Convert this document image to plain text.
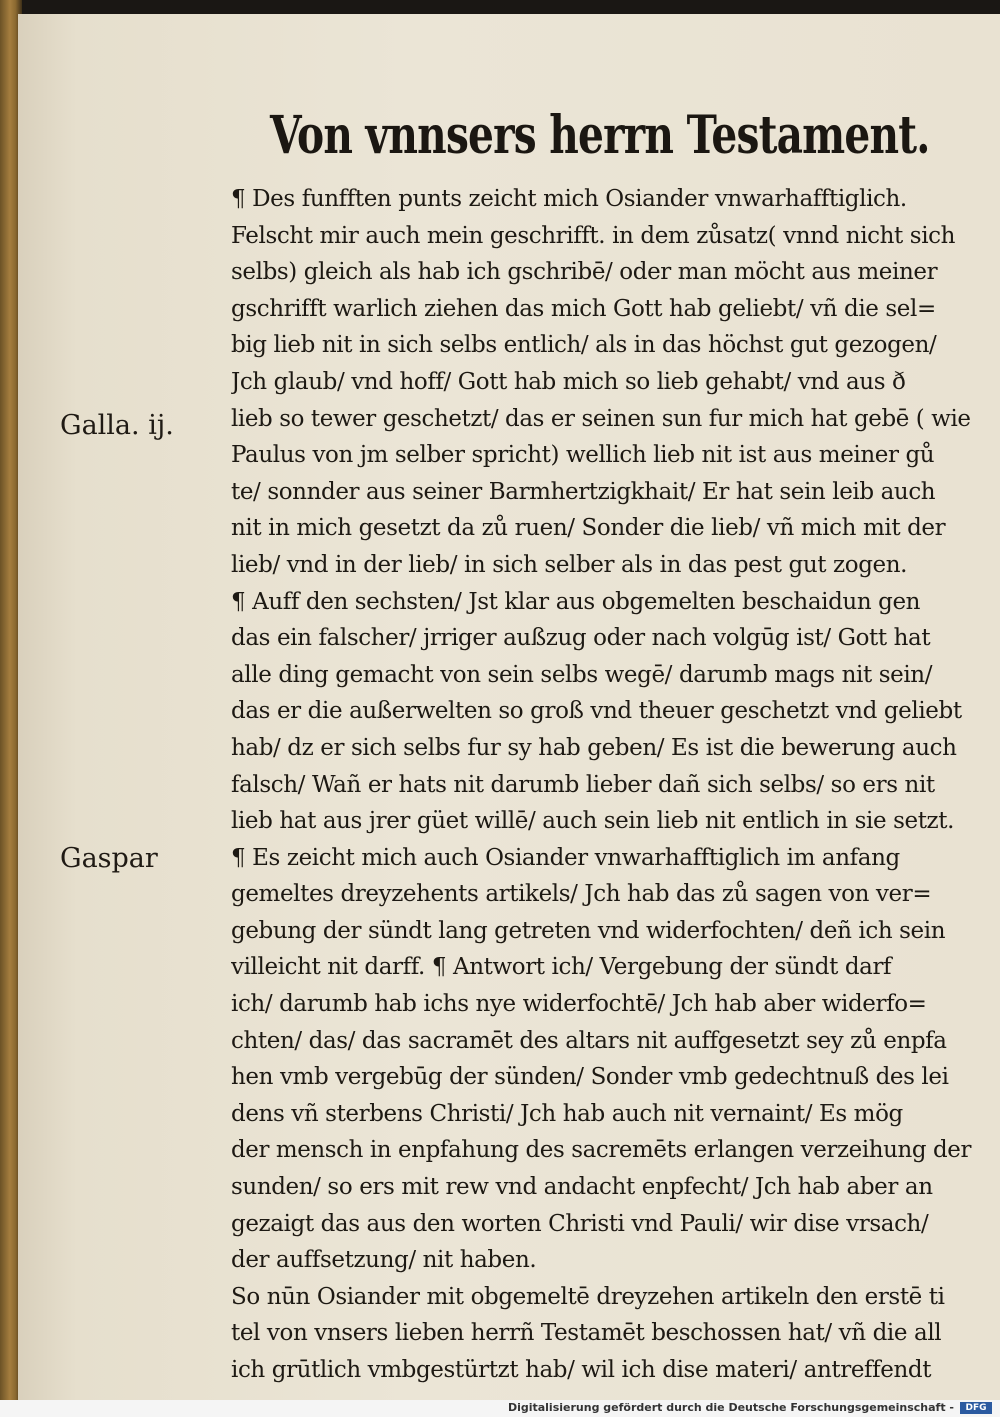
Von vnnsers herrn Testament.
Galla. ij.
Gaspar
¶ Des funfften punts zeicht mich Osiander vnwarhafftiglich.
Felscht mir auch mein geschrifft. in dem zůsatz( vnnd nicht sich
selbs) gleich als hab ich gschribē/ oder man möcht aus meiner
gschrifft warlich ziehen das mich Gott hab geliebt/ vñ die sel=
big lieb nit in sich selbs entlich/ als in das höchst gut gezogen/
Jch glaub/ vnd hoff/ Gott hab mich so lieb gehabt/ vnd aus ð
lieb so tewer geschetzt/ das er seinen sun fur mich hat gebē ( wie
Paulus von jm selber spricht) wellich lieb nit ist aus meiner gů
te/ sonnder aus seiner Barmhertzigkhait/ Er hat sein leib auch
nit in mich gesetzt da zů ruen/ Sonder die lieb/ vñ mich mit der
lieb/ vnd in der lieb/ in sich selber als in das pest gut zogen.
¶ Auff den sechsten/ Jst klar aus obgemelten beschaidun gen
das ein falscher/ jrriger außzug oder nach volgūg ist/ Gott hat
alle ding gemacht von sein selbs wegē/ darumb mags nit sein/
das er die außerwelten so groß vnd theuer geschetzt vnd geliebt
hab/ dz er sich selbs fur sy hab geben/ Es ist die bewerung auch
falsch/ Wañ er hats nit darumb lieber dañ sich selbs/ so ers nit
lieb hat aus jrer güet willē/ auch sein lieb nit entlich in sie setzt.
¶ Es zeicht mich auch Osiander vnwarhafftiglich im anfang
gemeltes dreyzehents artikels/ Jch hab das zů sagen von ver=
gebung der sündt lang getreten vnd widerfochten/ deñ ich sein
villeicht nit darff. ¶ Antwort ich/ Vergebung der sündt darf
ich/ darumb hab ichs nye widerfochtē/ Jch hab aber widerfo=
chten/ das/ das sacramēt des altars nit auffgesetzt sey zů enpfa
hen vmb vergebūg der sünden/ Sonder vmb gedechtnuß des lei
dens vñ sterbens Christi/ Jch hab auch nit vernaint/ Es mög
der mensch in enpfahung des sacremēts erlangen verzeihung der
sunden/ so ers mit rew vnd andacht enpfecht/ Jch hab aber an
gezaigt das aus den worten Christi vnd Pauli/ wir dise vrsach/
der auffsetzung/ nit haben.
So nūn Osiander mit obgemeltē dreyzehen artikeln den erstē ti
tel von vnsers lieben herrñ Testamēt beschossen hat/ vñ die all
ich grūtlich vmbgestürtzt hab/ wil ich dise materi/ antreffendt
Digitalisierung gefördert durch die Deutsche Forschungsgemeinschaft -	DFG
